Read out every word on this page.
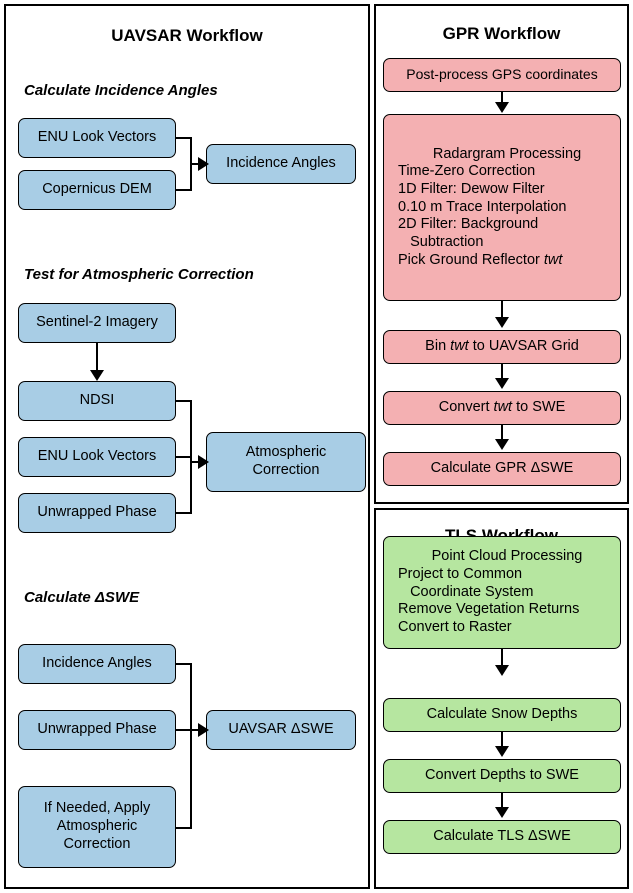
UAVSAR Workflow
Calculate Incidence Angles
ENU Look Vectors
Copernicus DEM
Incidence Angles
Test for Atmospheric Correction
Sentinel-2 Imagery
NDSI
ENU Look Vectors
Unwrapped Phase
Atmospheric Correction
Calculate ΔSWE
Incidence Angles
Unwrapped Phase
If Needed, Apply Atmospheric Correction
UAVSAR ΔSWE
GPR Workflow
Post-process GPS coordinates
Radargram Processing
Time-Zero Correction
1D Filter: Dewow Filter
0.10 m Trace Interpolation
2D Filter: Background
Subtraction
Pick Ground Reflector twt
Bin twt to UAVSAR Grid
Convert twt to SWE
Calculate GPR ΔSWE
Point Cloud Processing
Project to Common
Coordinate System
Remove Vegetation Returns
Convert to Raster
Calculate Snow Depths
Convert Depths to SWE
Calculate TLS ΔSWE
